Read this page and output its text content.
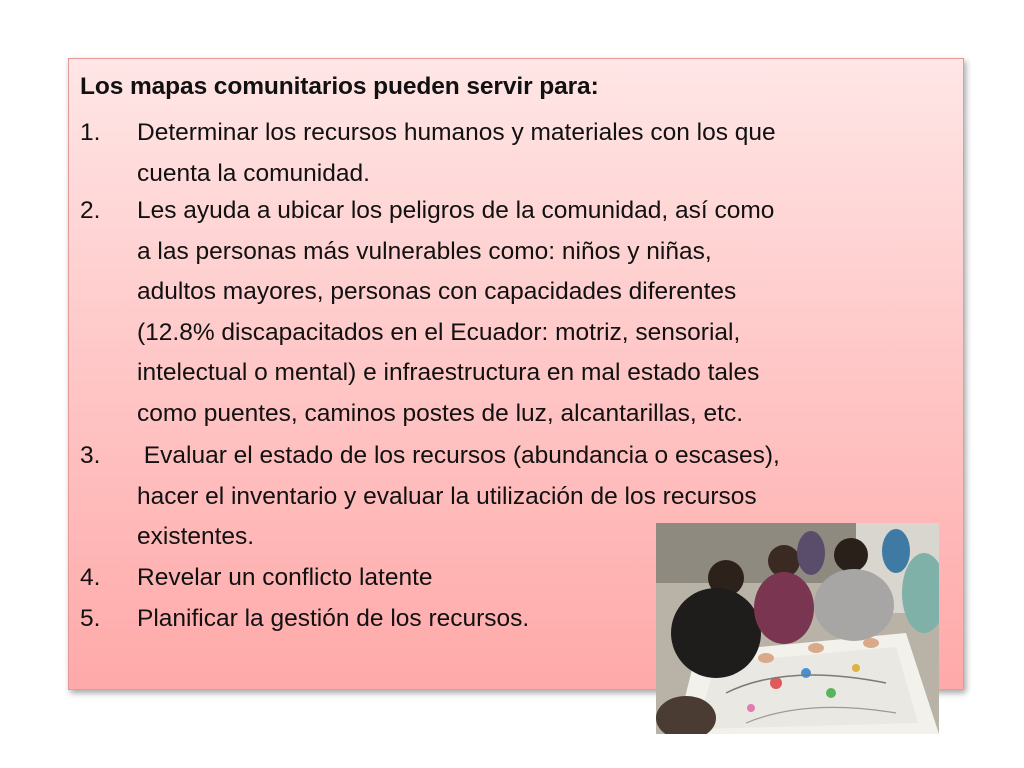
Los mapas comunitarios pueden servir para:
1.	Determinar los recursos humanos y materiales con los que
cuenta la comunidad.
2.	Les ayuda a ubicar los peligros de la comunidad, así como
a las personas más vulnerables como: niños y niñas,
adultos mayores, personas con capacidades diferentes
(12.8% discapacitados en el Ecuador: motriz, sensorial,
intelectual o mental) e infraestructura en mal estado tales
como puentes, caminos postes de luz, alcantarillas, etc.
3.	Evaluar el estado de los recursos (abundancia o escases),
hacer el inventario y evaluar la utilización de los recursos
existentes.
4.	Revelar un conflicto latente
5.	Planificar la gestión de los recursos.
